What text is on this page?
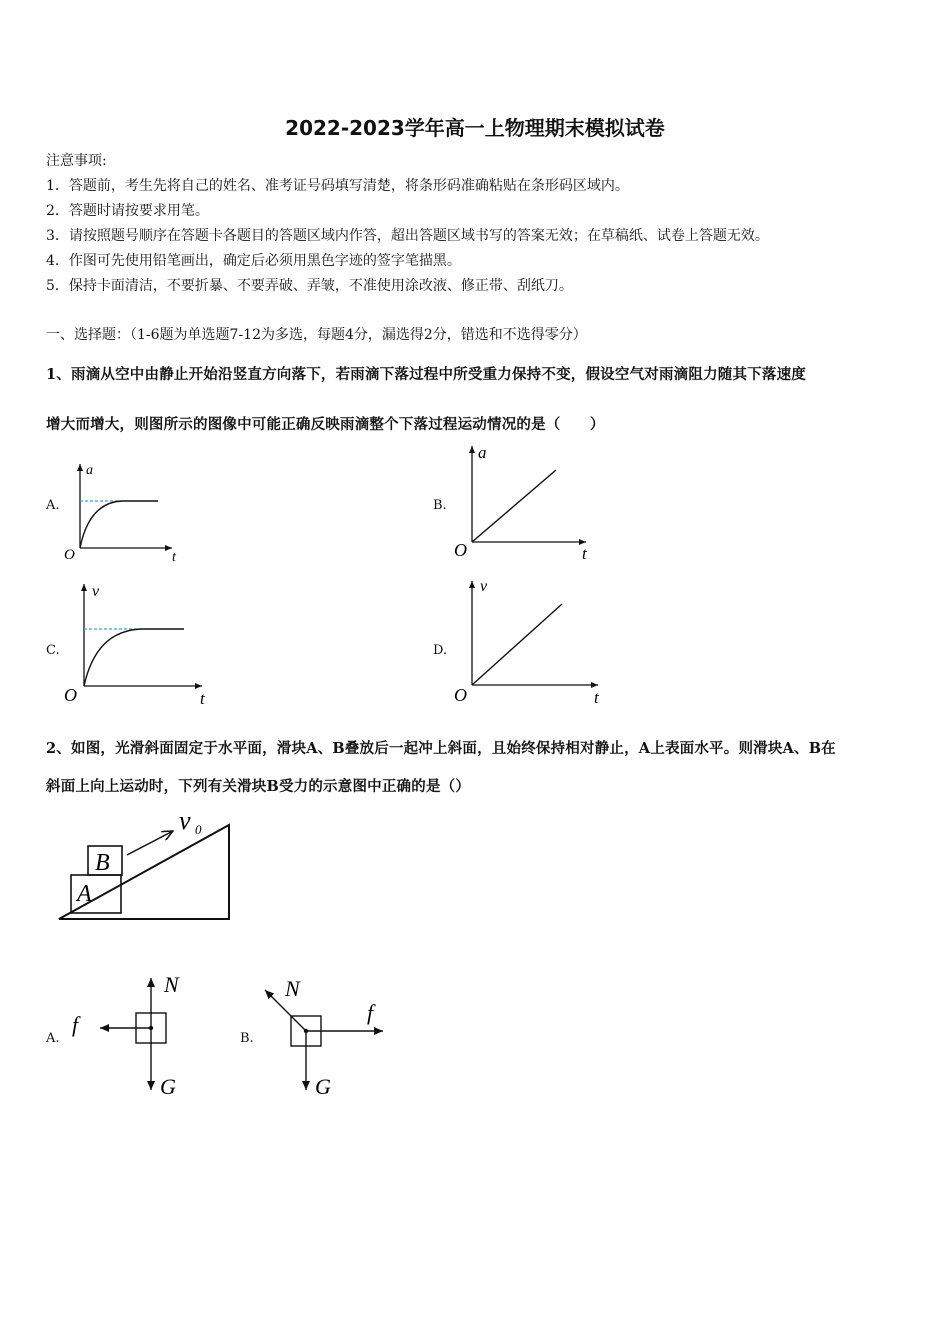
2022-2023学年高一上物理期末模拟试卷
注意事项:
1．答题前，考生先将自己的姓名、准考证号码填写清楚，将条形码准确粘贴在条形码区域内。
2．答题时请按要求用笔。
3．请按照题号顺序在答题卡各题目的答题区域内作答，超出答题区域书写的答案无效；在草稿纸、试卷上答题无效。
4．作图可先使用铅笔画出，确定后必须用黑色字迹的签字笔描黑。
5．保持卡面清洁，不要折暴、不要弄破、弄皱，不准使用涂改液、修正带、刮纸刀。
一、选择题：（1-6题为单选题7-12为多选，每题4分，漏选得2分，错选和不选得零分）
1、雨滴从空中由静止开始沿竖直方向落下，若雨滴下落过程中所受重力保持不变，假设空气对雨滴阻力随其下落速度
增大而增大，则图所示的图像中可能正确反映雨滴整个下落过程运动情况的是（　　）
A.
a
t
O
B.
a
t
O
C.
v
t
O
D.
v
t
O
2、如图，光滑斜面固定于水平面，滑块A、B叠放后一起冲上斜面，且始终保持相对静止，A上表面水平。则滑块A、B在
斜面上向上运动时，下列有关滑块B受力的示意图中正确的是（）
B
A
v 0
A.
N
G
f
B.
N
G
f
